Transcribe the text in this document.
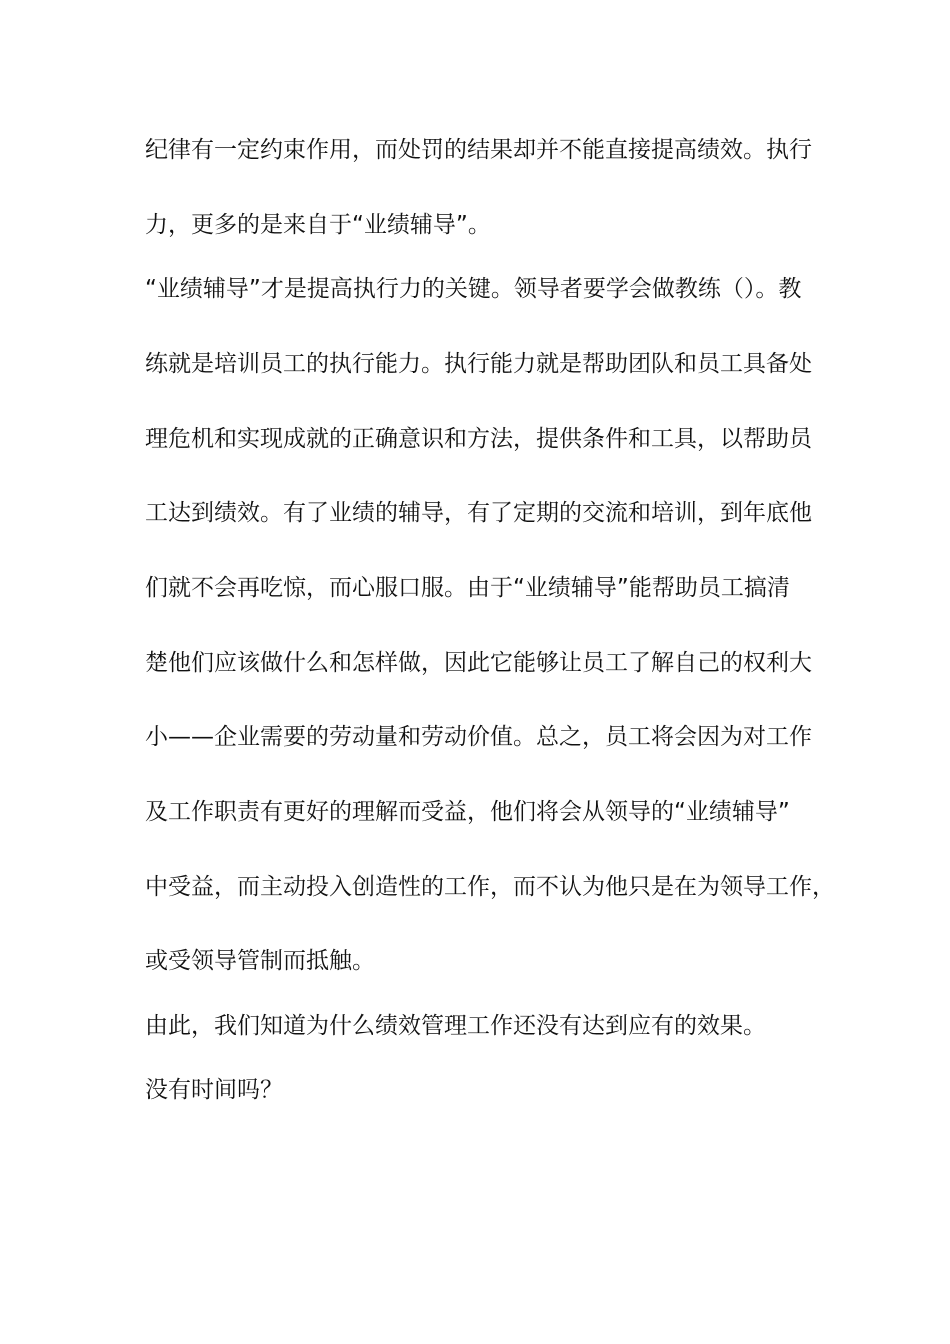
纪律有一定约束作用，而处罚的结果却并不能直接提高绩效。执行
力，更多的是来自于“业绩辅导”。
“业绩辅导”才是提高执行力的关键。领导者要学会做教练（）。教
练就是培训员工的执行能力。执行能力就是帮助团队和员工具备处
理危机和实现成就的正确意识和方法，提供条件和工具，以帮助员
工达到绩效。有了业绩的辅导，有了定期的交流和培训，到年底他
们就不会再吃惊，而心服口服。由于“业绩辅导”能帮助员工搞清
楚他们应该做什么和怎样做，因此它能够让员工了解自己的权利大
小——企业需要的劳动量和劳动价值。总之，员工将会因为对工作
及工作职责有更好的理解而受益，他们将会从领导的“业绩辅导”
中受益，而主动投入创造性的工作，而不认为他只是在为领导工作，
或受领导管制而抵触。
由此，我们知道为什么绩效管理工作还没有达到应有的效果。
没有时间吗？
